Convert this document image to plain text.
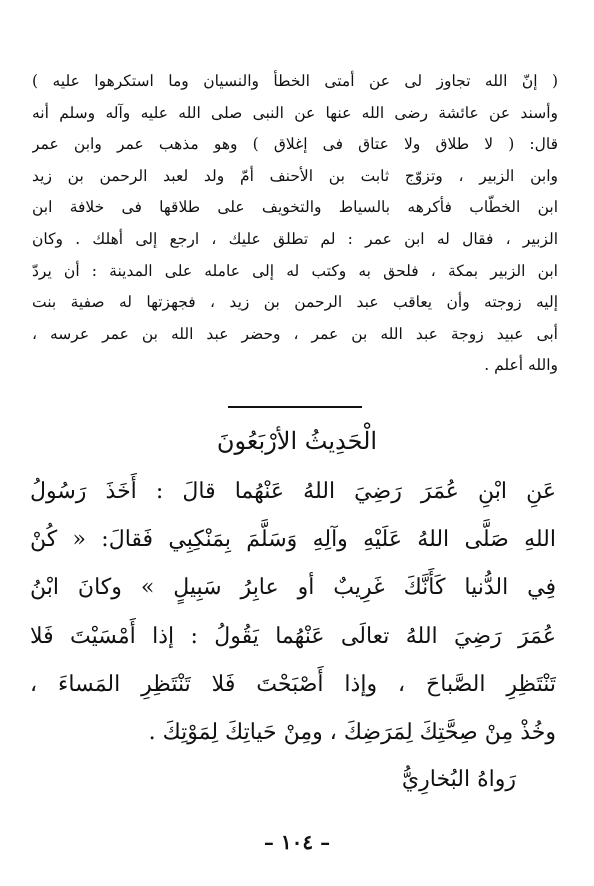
( إنّ الله تجاوز لى عن أمتى الخطأ والنسيان وما استكرهوا عليه )
وأسند عن عائشة رضى الله عنها عن النبى صلى الله عليه وآله وسلم أنه
قال: ( لا طلاق ولا عتاق فى إغلاق ) وهو مذهب عمر وابن عمر
وابن الزبير ، وتزوّج ثابت بن الأحنف أمّ ولد لعبد الرحمن بن زيد
ابن الخطّاب فأكرهه بالسياط والتخويف على طلاقها فى خلافة ابن
الزبير ، فقال له ابن عمر : لم تطلق عليك ، ارجع إلى أهلك . وكان
ابن الزبير بمكة ، فلحق به وكتب له إلى عامله على المدينة : أن يردّ
إليه زوجته وأن يعاقب عبد الرحمن بن زيد ، فجهزتها له صفية بنت
أبى عبيد زوجة عبد الله بن عمر ، وحضر عبد الله بن عمر عرسه ،
والله أعلم .
الْحَدِيثُ الأرْبَعُونَ
عَنِ ابْنِ عُمَرَ رَضِيَ اللهُ عَنْهُما قالَ : أَخَذَ رَسُولُ
اللهِ صَلَّى اللهُ عَلَيْهِ وآلِهِ وَسَلَّمَ بِمَنْكِبِي فَقالَ: « كُنْ
فِي الدُّنيا كَأَنَّكَ غَرِيبٌ أو عابِرُ سَبِيلٍ » وكانَ ابْنُ
عُمَرَ رَضِيَ اللهُ تعالَى عَنْهُما يَقُولُ : إذا أَمْسَيْتَ فَلا
تَنْتَظِرِ الصَّباحَ ، وإذا أَصْبَحْتَ فَلا تَنْتَظِرِ المَساءَ ،
وخُذْ مِنْ صِحَّتِكَ لِمَرَضِكَ ، ومِنْ حَياتِكَ لِمَوْتِكَ .
رَواهُ البُخارِيُّ
– ١٠٤ –
